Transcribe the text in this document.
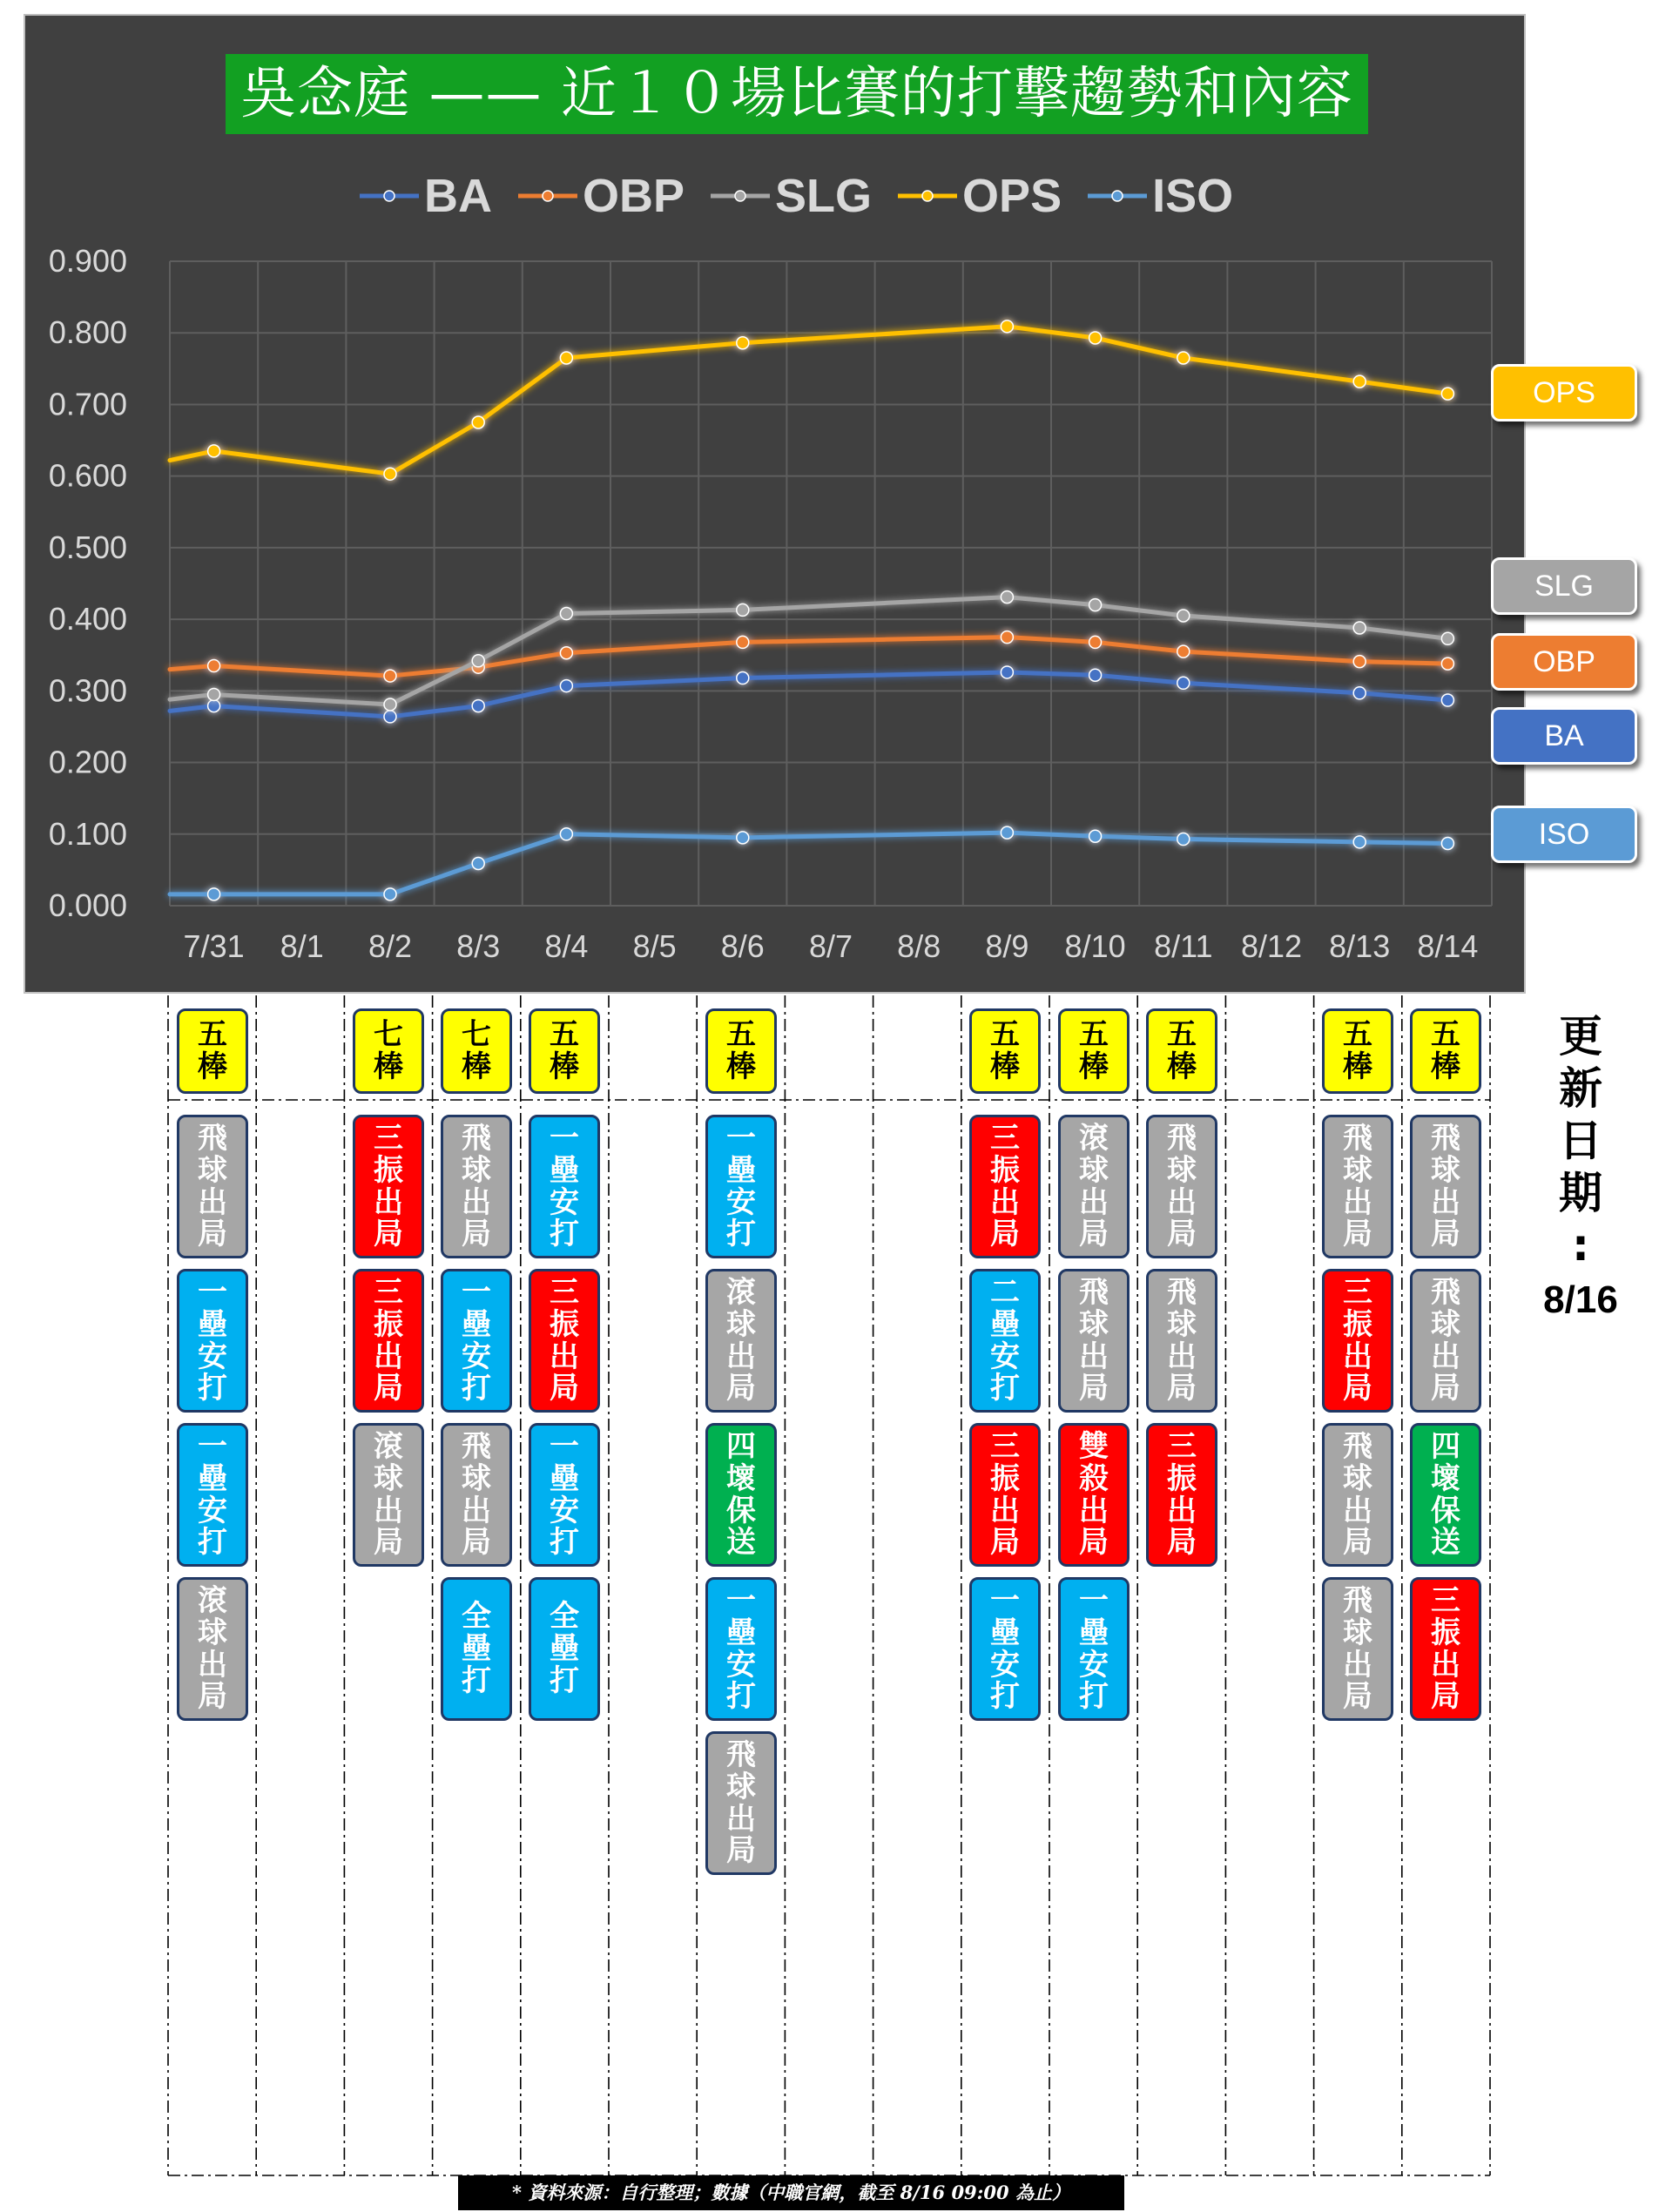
0.000
0.100
0.200
0.300
0.400
0.500
0.600
0.700
0.800
0.900
7/31 8/1 8/2 8/3 8/4 8/5 8/6 8/7 8/8 8/9 8/10 8/11 8/12 8/13 8/14
吳念庭 —— 近１０場比賽的打擊趨勢和內容
BA OBP SLG OPS ISO
OPS
SLG
OBP
BA
ISO
五
棒
飛
球
出
局
一
壘
安
打
一
壘
安
打
滾
球
出
局
七
棒
三
振
出
局
三
振
出
局
滾
球
出
局
七
棒
飛
球
出
局
一
壘
安
打
飛
球
出
局
全
壘
打
五
棒
一
壘
安
打
三
振
出
局
一
壘
安
打
全
壘
打
五
棒
一
壘
安
打
滾
球
出
局
四
壞
保
送
一
壘
安
打
飛
球
出
局
五
棒
三
振
出
局
二
壘
安
打
三
振
出
局
一
壘
安
打
五
棒
滾
球
出
局
飛
球
出
局
雙
殺
出
局
一
壘
安
打
五
棒
飛
球
出
局
飛
球
出
局
三
振
出
局
五
棒
飛
球
出
局
三
振
出
局
飛
球
出
局
飛
球
出
局
五
棒
飛
球
出
局
飛
球
出
局
四
壞
保
送
三
振
出
局
更
新
日
期
:
8/16
* 資料來源：自行整理；數據（中職官網，截至 8/16 09:00 為止）
